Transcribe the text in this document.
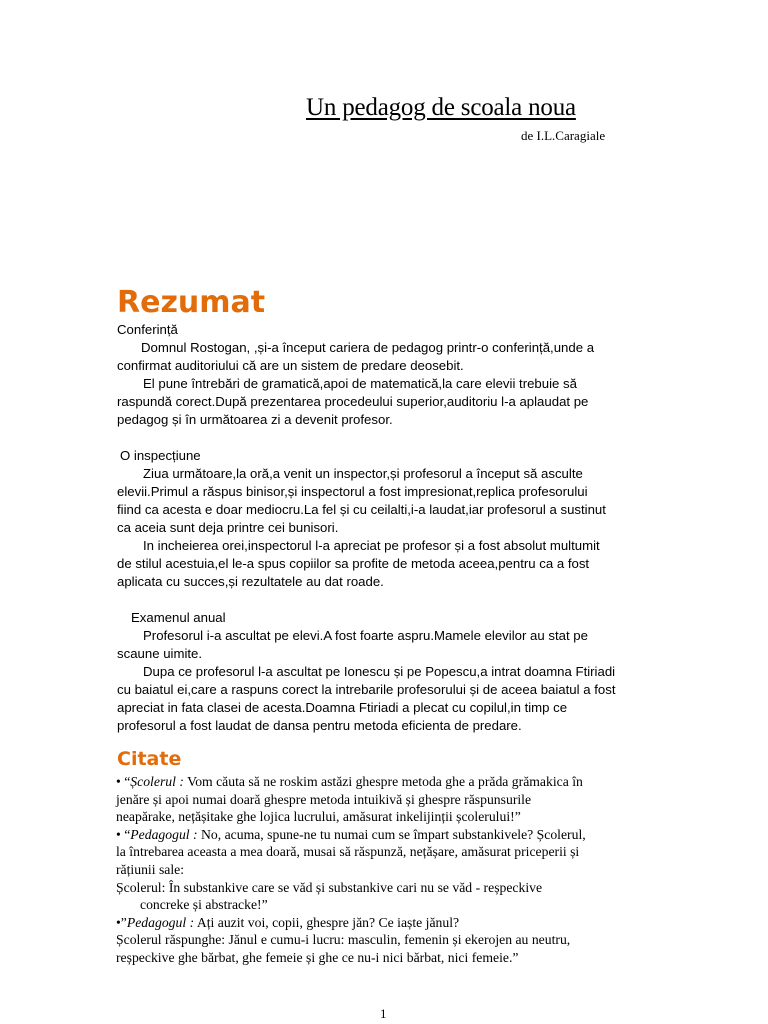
Un pedagog de scoala noua
de I.L.Caragiale
Rezumat

Conferință

Domnul Rostogan, ,și-a început cariera de pedagog printr-o conferință,unde a

confirmat auditoriului că are un sistem de predare deosebit.

El pune întrebări de gramatică,apoi de matematică,la care elevii trebuie să

raspundă corect.După prezentarea procedeului superior,auditoriu l-a aplaudat pe

pedagog și în următoarea zi a devenit profesor.

O inspecțiune

Ziua următoare,la oră,a venit un inspector,și profesorul a început să asculte

elevii.Primul a răspus binisor,și inspectorul a fost impresionat,replica profesorului

fiind ca acesta e doar mediocru.La fel și cu ceilalti,i-a laudat,iar profesorul a sustinut

ca aceia sunt deja printre cei bunisori.

In incheierea orei,inspectorul l-a apreciat pe profesor și a fost absolut multumit

de stilul acestuia,el le-a spus copiilor sa profite de metoda aceea,pentru ca a fost

aplicata cu succes,și rezultatele au dat roade.

Examenul anual

Profesorul i-a ascultat pe elevi.A fost foarte aspru.Mamele elevilor au stat pe

scaune uimite.

Dupa ce profesorul l-a ascultat pe Ionescu și pe Popescu,a intrat doamna Ftiriadi

cu baiatul ei,care a raspuns corect la intrebarile profesorului și de aceea baiatul a fost

apreciat in fata clasei de acesta.Doamna Ftiriadi a plecat cu copilul,in timp ce

profesorul a fost laudat de dansa pentru metoda eficienta de predare.

Citate

• “Școlerul : Vom căuta să ne roskim astăzi ghespre metoda ghe a prăda grămakica în

jenăre și apoi numai doară ghespre metoda intuikivă și ghespre răspunsurile

neapărake, nețășitake ghe lojica lucrului, amăsurat inkelijinții școlerului!”

• “Pedagogul : No, acuma, spune-ne tu numai cum se împart substankivele? Școlerul,

la întrebarea aceasta a mea doară, musai să răspunză, nețășare, amăsurat priceperii și

rățiunii sale:

Școlerul: În substankive care se văd și substankive cari nu se văd - reșpeckive

concreke și abstracke!”

•”Pedagogul : Ați auzit voi, copii, ghespre jăn? Ce iaște jănul?

Școlerul răspunghe: Jănul e cumu-i lucru: masculin, femenin și ekerojen au neutru,

reșpeckive ghe bărbat, ghe femeie și ghe ce nu-i nici bărbat, nici femeie.”

1
